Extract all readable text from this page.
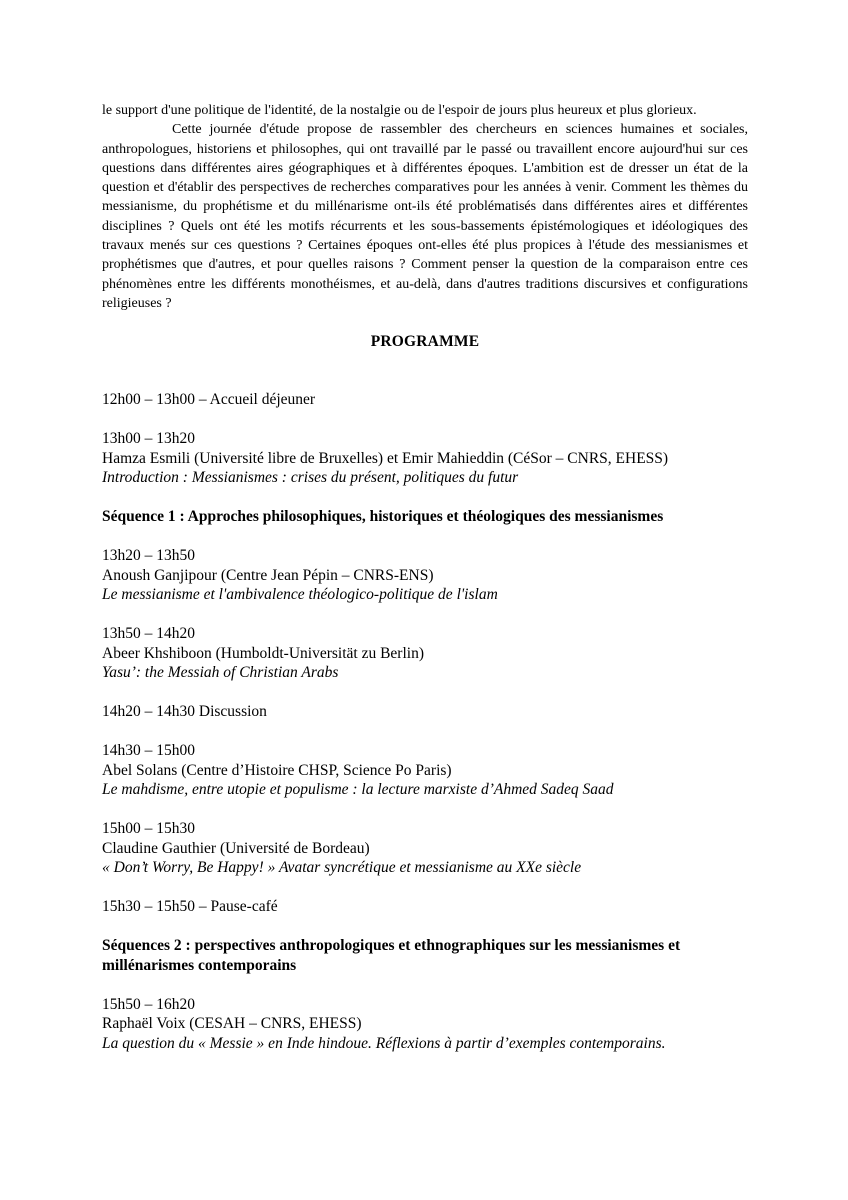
le support d'une politique de l'identité, de la nostalgie ou de l'espoir de jours plus heureux et plus glorieux.

Cette journée d'étude propose de rassembler des chercheurs en sciences humaines et sociales, anthropologues, historiens et philosophes, qui ont travaillé par le passé ou travaillent encore aujourd'hui sur ces questions dans différentes aires géographiques et à différentes époques. L'ambition est de dresser un état de la question et d'établir des perspectives de recherches comparatives pour les années à venir. Comment les thèmes du messianisme, du prophétisme et du millénarisme ont-ils été problématisés dans différentes aires et différentes disciplines ? Quels ont été les motifs récurrents et les sous-bassements épistémologiques et idéologiques des travaux menés sur ces questions ? Certaines époques ont-elles été plus propices à l'étude des messianismes et prophétismes que d'autres, et pour quelles raisons ? Comment penser la question de la comparaison entre ces phénomènes entre les différents monothéismes, et au-delà, dans d'autres traditions discursives et configurations religieuses ?

PROGRAMME

12h00 – 13h00 – Accueil déjeuner

13h00 – 13h20

Hamza Esmili (Université libre de Bruxelles) et Emir Mahieddin (CéSor – CNRS, EHESS)

Introduction : Messianismes : crises du présent, politiques du futur

Séquence 1 : Approches philosophiques, historiques et théologiques des messianismes

13h20 – 13h50

Anoush Ganjipour (Centre Jean Pépin – CNRS-ENS)

Le messianisme et l'ambivalence théologico-politique de l'islam

13h50 – 14h20

Abeer Khshiboon (Humboldt-Universität zu Berlin)

Yasu’: the Messiah of Christian Arabs

14h20 – 14h30 Discussion

14h30 – 15h00

Abel Solans (Centre d’Histoire CHSP, Science Po Paris)

Le mahdisme, entre utopie et populisme : la lecture marxiste d’Ahmed Sadeq Saad

15h00 – 15h30

Claudine Gauthier (Université de Bordeau)

« Don’t Worry, Be Happy! » Avatar syncrétique et messianisme au XXe siècle

15h30 – 15h50 – Pause-café

Séquences 2 : perspectives anthropologiques et ethnographiques sur les messianismes et millénarismes contemporains

15h50 – 16h20

Raphaël Voix (CESAH – CNRS, EHESS)

La question du « Messie » en Inde hindoue. Réflexions à partir d’exemples contemporains.
